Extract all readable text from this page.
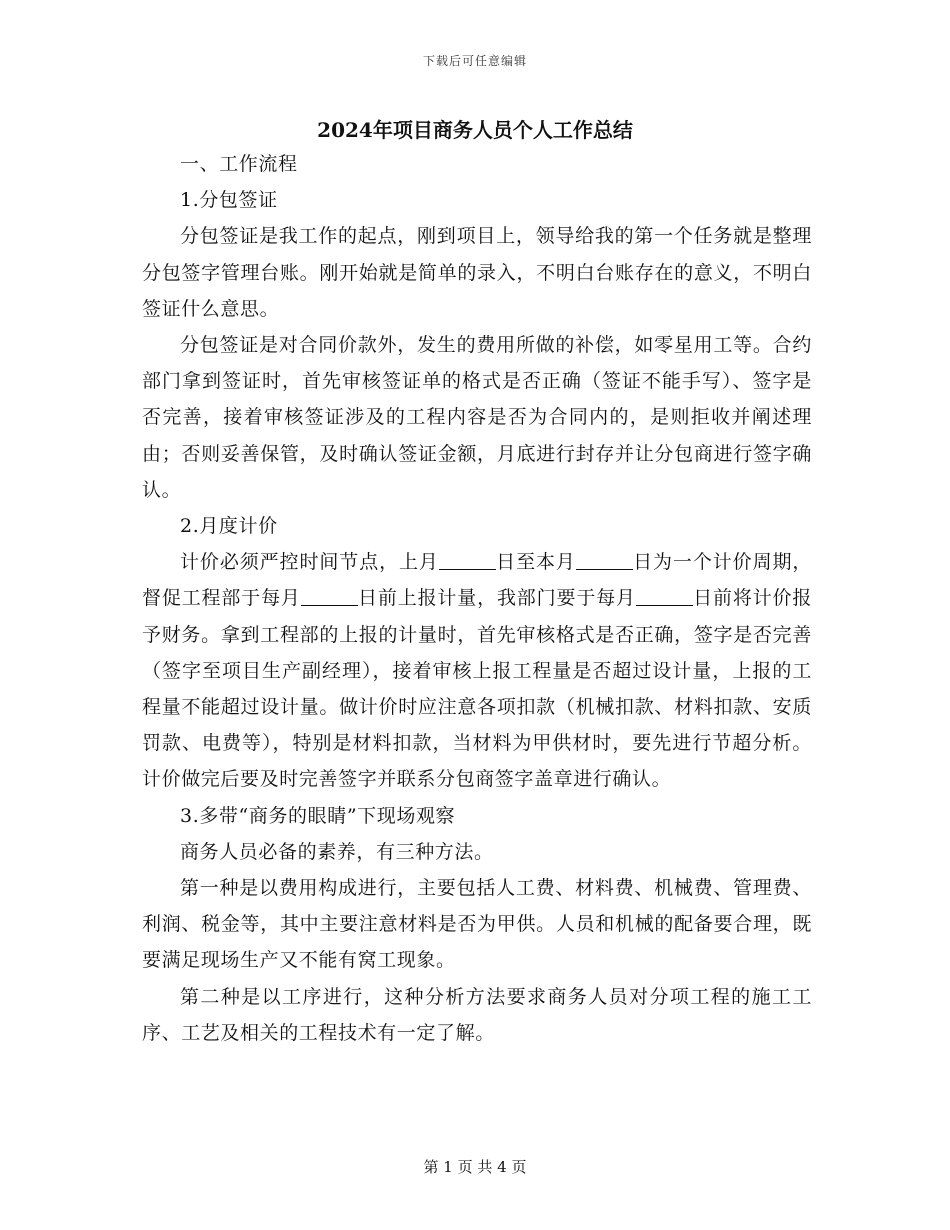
下载后可任意编辑
2024年项目商务人员个人工作总结

一、工作流程

1.分包签证

分包签证是我工作的起点，刚到项目上，领导给我的第一个任务就是整理分包签字管理台账。刚开始就是简单的录入，不明白台账存在的意义，不明白签证什么意思。

分包签证是对合同价款外，发生的费用所做的补偿，如零星用工等。合约部门拿到签证时，首先审核签证单的格式是否正确（签证不能手写）、签字是否完善，接着审核签证涉及的工程内容是否为合同内的，是则拒收并阐述理由；否则妥善保管，及时确认签证金额，月底进行封存并让分包商进行签字确认。

2.月度计价

计价必须严控时间节点，上月	日至本月	日为一个计价周期，督促工程部于每月	日前上报计量，我部门要于每月	日前将计价报予财务。拿到工程部的上报的计量时，首先审核格式是否正确，签字是否完善（签字至项目生产副经理），接着审核上报工程量是否超过设计量，上报的工程量不能超过设计量。做计价时应注意各项扣款（机械扣款、材料扣款、安质罚款、电费等），特别是材料扣款，当材料为甲供材时，要先进行节超分析。计价做完后要及时完善签字并联系分包商签字盖章进行确认。

3.多带“商务的眼睛”下现场观察

商务人员必备的素养，有三种方法。

第一种是以费用构成进行，主要包括人工费、材料费、机械费、管理费、利润、税金等，其中主要注意材料是否为甲供。人员和机械的配备要合理，既要满足现场生产又不能有窝工现象。

第二种是以工序进行，这种分析方法要求商务人员对分项工程的施工工序、工艺及相关的工程技术有一定了解。

第 1 页 共 4 页
